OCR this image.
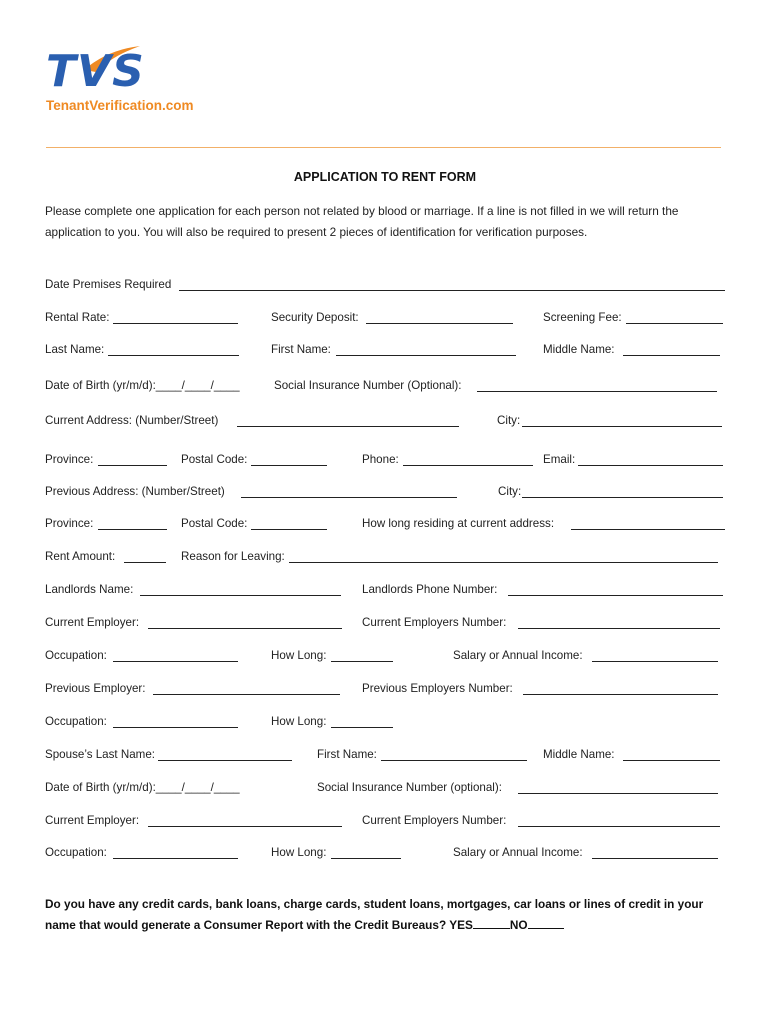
TVS
TenantVerification.com
APPLICATION TO RENT FORM
Please complete one application for each person not related by blood or marriage. If a line is not filled in we will return the application to you. You will also be required to present 2 pieces of identification for verification purposes.
Date Premises Required
Rental Rate:	Security Deposit:	Screening Fee:
Last Name:	First Name:	Middle Name:
Date of Birth (yr/m/d):____/____/____	Social Insurance Number (Optional):
Current Address: (Number/Street)	City:
Province:	Postal Code:	Phone:	Email:
Previous Address: (Number/Street)	City:
Province:	Postal Code:	How long residing at current address:
Rent Amount:	Reason for Leaving:
Landlords Name:	Landlords Phone Number:
Current Employer:	Current Employers Number:
Occupation:	How Long:	Salary or Annual Income:
Previous Employer:	Previous Employers Number:
Occupation:	How Long:
Spouse’s Last Name:	First Name:	Middle Name:
Date of Birth (yr/m/d):____/____/____	Social Insurance Number (optional):
Current Employer:	Current Employers Number:
Occupation:	How Long:	Salary or Annual Income:
Do you have any credit cards, bank loans, charge cards, student loans, mortgages, car loans or lines of credit in your name that would generate a Consumer Report with the Credit Bureaus? YES	NO
